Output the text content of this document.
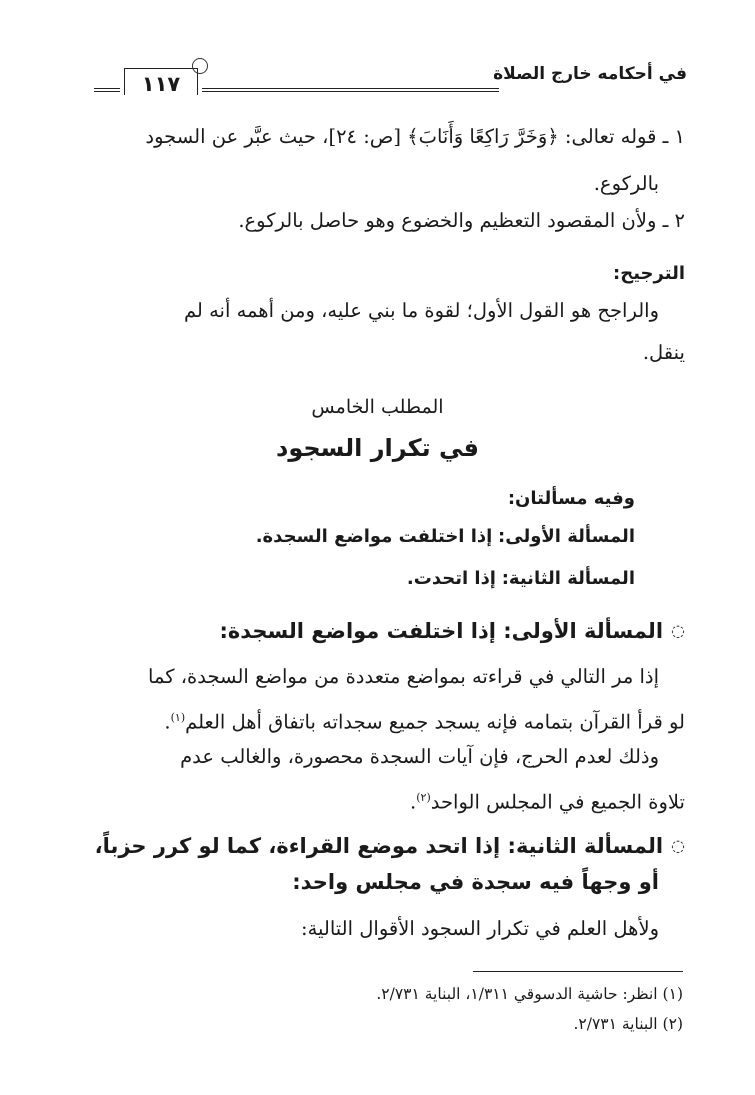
في أحكامه خارج الصلاة
١١٧
١ ـ قوله تعالى: ﴿وَخَرَّ رَاكِعًا وَأَنَابَ﴾ [ص: ٢٤]، حيث عبَّر عن السجود
بالركوع.
٢ ـ ولأن المقصود التعظيم والخضوع وهو حاصل بالركوع.
الترجيح:
والراجح هو القول الأول؛ لقوة ما بني عليه، ومن أهمه أنه لم
ينقل.
المطلب الخامس
في تكرار السجود
وفيه مسألتان:
المسألة الأولى: إذا اختلفت مواضع السجدة.
المسألة الثانية: إذا اتحدت.
◌المسألة الأولى: إذا اختلفت مواضع السجدة:
إذا مر التالي في قراءته بمواضع متعددة من مواضع السجدة، كما
لو قرأ القرآن بتمامه فإنه يسجد جميع سجداته باتفاق أهل العلم$^{(١)}$.
وذلك لعدم الحرج، فإن آيات السجدة محصورة، والغالب عدم
تلاوة الجميع في المجلس الواحد$^{(٢)}$.
◌المسألة الثانية: إذا اتحد موضع القراءة، كما لو كرر حزباً،
أو وجهاً فيه سجدة في مجلس واحد:
ولأهل العلم في تكرار السجود الأقوال التالية:
(١) انظر: حاشية الدسوقي ١/٣١١، البناية ٢/٧٣١.
(٢) البناية ٢/٧٣١.
